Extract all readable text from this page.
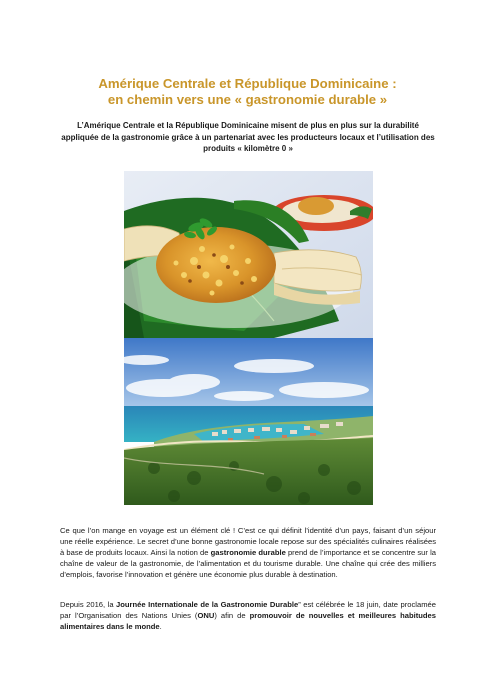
Amérique Centrale et République Dominicaine :
en chemin vers une « gastronomie durable »
L’Amérique Centrale et la République Dominicaine misent de plus en plus sur la durabilité appliquée de la gastronomie grâce à un partenariat avec les producteurs locaux et l’utilisation des produits « kilomètre 0 »

Ce que l’on mange en voyage est un élément clé ! C’est ce qui définit l’identité d’un pays, faisant d’un séjour une réelle expérience. Le secret d’une bonne gastronomie locale repose sur des spécialités culinaires réalisées à base de produits locaux. Ainsi la notion de gastronomie durable prend de l’importance et se concentre sur la chaîne de valeur de la gastronomie, de l’alimentation et du tourisme durable. Une chaîne qui crée des milliers d’emplois, favorise l’innovation et génère une économie plus durable à destination.

Depuis 2016, la Journée Internationale de la Gastronomie Durable” est célébrée le 18 juin, date proclamée par l’Organisation des Nations Unies (ONU) afin de promouvoir de nouvelles et meilleures habitudes alimentaires dans le monde.
